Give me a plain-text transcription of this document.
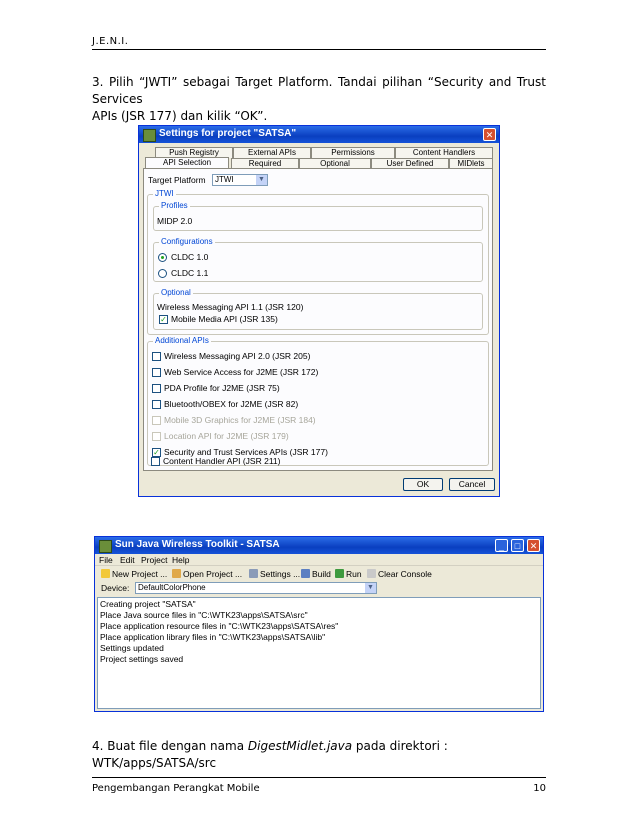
J.E.N.I.
3. Pilih “JWTI” sebagai Target Platform. Tandai pilihan “Security and Trust Services
APIs (JSR 177) dan kilik “OK”.
Settings for project "SATSA"	✕
Push Registry	External APIs	Permissions	Content Handlers
API Selection	Required	Optional	User Defined	MIDlets
Target Platform	JTWI	▼
JTWI
Profiles
MIDP 2.0
Configurations
CLDC 1.0
CLDC 1.1
Optional
Wireless Messaging API 1.1 (JSR 120)
✓ Mobile Media API (JSR 135)
Additional APIs
Wireless Messaging API 2.0 (JSR 205)
Web Service Access for J2ME (JSR 172)
PDA Profile for J2ME (JSR 75)
Bluetooth/OBEX for J2ME (JSR 82)
Mobile 3D Graphics for J2ME (JSR 184)
Location API for J2ME (JSR 179)
✓ Security and Trust Services APIs (JSR 177)
Content Handler API (JSR 211)
OK	Cancel
Sun Java Wireless Toolkit - SATSA	_	□	✕
File Edit Project Help
New Project ...	Open Project ...	Settings ...	Build	Run	Clear Console
Device:	DefaultColorPhone	▼
Creating project "SATSA"
Place Java source files in "C:\WTK23\apps\SATSA\src"
Place application resource files in "C:\WTK23\apps\SATSA\res"
Place application library files in "C:\WTK23\apps\SATSA\lib"
Settings updated
Project settings saved
4. Buat file dengan nama DigestMidlet.java pada direktori : WTK/apps/SATSA/src
Pengembangan Perangkat Mobile	10
